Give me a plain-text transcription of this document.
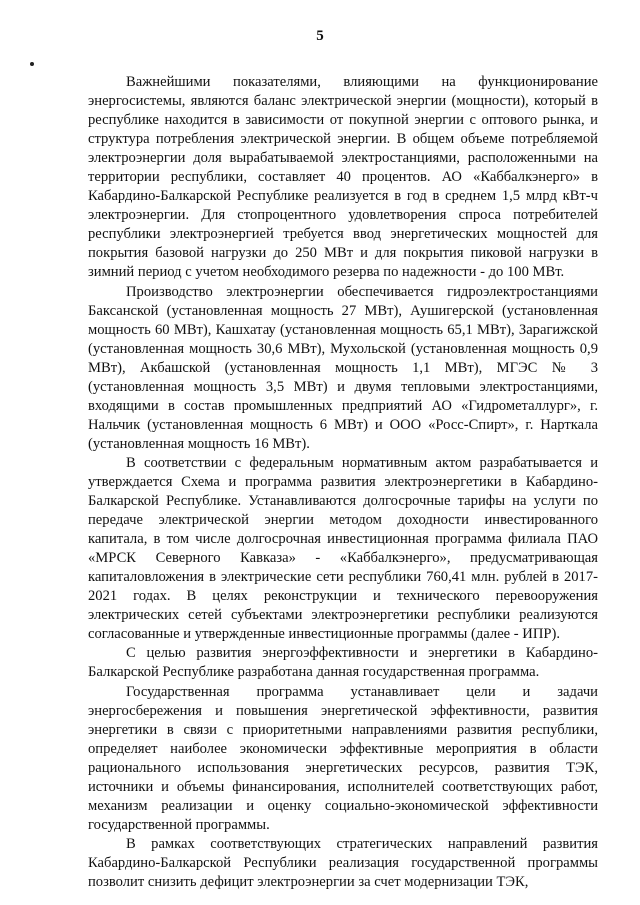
5

Важнейшими показателями, влияющими на функционирование энергосистемы, являются баланс электрической энергии (мощности), который в республике находится в зависимости от покупной энергии с оптового рынка, и структура потребления электрической энергии. В общем объеме потребляемой электроэнергии доля вырабатываемой электростанциями, расположенными на территории республики, составляет 40 процентов. АО «Каббалкэнерго» в Кабардино-Балкарской Республике реализуется в год в среднем 1,5 млрд кВт-ч электроэнергии. Для стопроцентного удовлетворения спроса потребителей республики электроэнергией требуется ввод энергетических мощностей для покрытия базовой нагрузки до 250 МВт и для покрытия пиковой нагрузки в зимний период с учетом необходимого резерва по надежности - до 100 МВт.

Производство электроэнергии обеспечивается гидроэлектростанциями Баксанской (установленная мощность 27 МВт), Аушигерской (установленная мощность 60 МВт), Кашхатау (установленная мощность 65,1 МВт), Зарагижской (установленная мощность 30,6 МВт), Мухольской (установленная мощность 0,9 МВт), Акбашской (установленная мощность 1,1 МВт), МГЭС № 3 (установленная мощность 3,5 МВт) и двумя тепловыми электростанциями, входящими в состав промышленных предприятий АО «Гидрометаллург», г. Нальчик (установленная мощность 6 МВт) и ООО «Росс-Спирт», г. Нарткала (установленная мощность 16 МВт).

В соответствии с федеральным нормативным актом разрабатывается и утверждается Схема и программа развития электроэнергетики в Кабардино-Балкарской Республике. Устанавливаются долгосрочные тарифы на услуги по передаче электрической энергии методом доходности инвестированного капитала, в том числе долгосрочная инвестиционная программа филиала ПАО «МРСК Северного Кавказа» - «Каббалкэнерго», предусматривающая капиталовложения в электрические сети республики 760,41 млн. рублей в 2017-2021 годах. В целях реконструкции и технического перевооружения электрических сетей субъектами электроэнергетики республики реализуются согласованные и утвержденные инвестиционные программы (далее - ИПР).

С целью развития энергоэффективности и энергетики в Кабардино-Балкарской Республике разработана данная государственная программа.

Государственная программа устанавливает цели и задачи энергосбережения и повышения энергетической эффективности, развития энергетики в связи с приоритетными направлениями развития республики, определяет наиболее экономически эффективные мероприятия в области рационального использования энергетических ресурсов, развития ТЭК, источники и объемы финансирования, исполнителей соответствующих работ, механизм реализации и оценку социально-экономической эффективности государственной программы.

В рамках соответствующих стратегических направлений развития Кабардино-Балкарской Республики реализация государственной программы позволит снизить дефицит электроэнергии за счет модернизации ТЭК,
